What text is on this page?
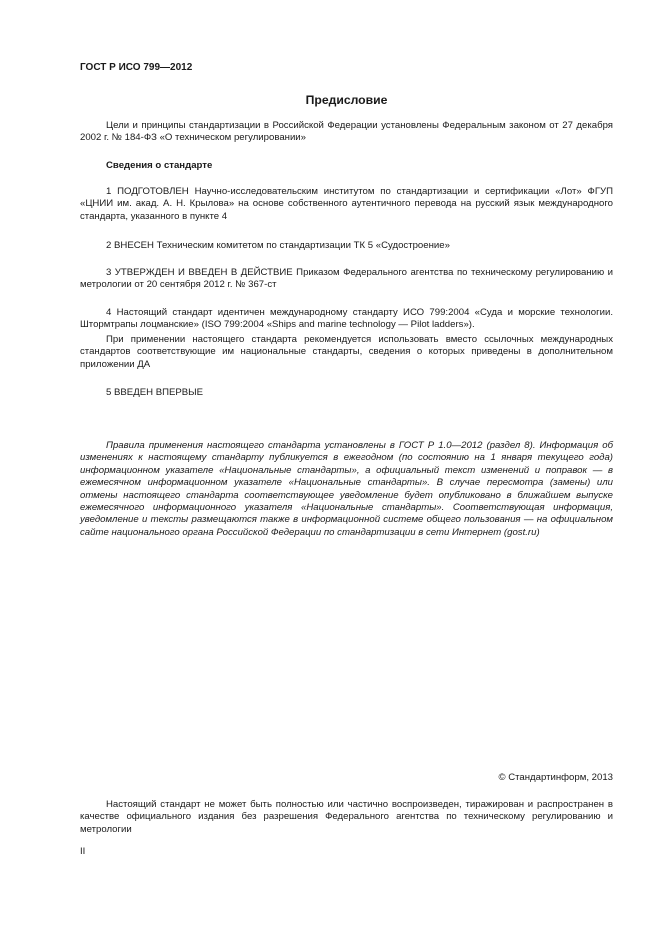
ГОСТ Р ИСО 799—2012

Предисловие

Цели и принципы стандартизации в Российской Федерации установлены Федеральным законом от 27 декабря 2002 г. № 184-ФЗ «О техническом регулировании»

Сведения о стандарте

1 ПОДГОТОВЛЕН Научно-исследовательским институтом по стандартизации и сертификации «Лот» ФГУП «ЦНИИ им. акад. А. Н. Крылова» на основе собственного аутентичного перевода на русский язык международного стандарта, указанного в пункте 4

2 ВНЕСЕН Техническим комитетом по стандартизации ТК 5 «Судостроение»

3 УТВЕРЖДЕН И ВВЕДЕН В ДЕЙСТВИЕ Приказом Федерального агентства по техническому регулированию и метрологии от 20 сентября 2012 г. № 367-ст

4 Настоящий стандарт идентичен международному стандарту ИСО 799:2004 «Суда и морские технологии. Штормтрапы лоцманские» (ISO 799:2004 «Ships and marine technology — Pilot ladders»).

При применении настоящего стандарта рекомендуется использовать вместо ссылочных международных стандартов соответствующие им национальные стандарты, сведения о которых приведены в дополнительном приложении ДА

5 ВВЕДЕН ВПЕРВЫЕ

Правила применения настоящего стандарта установлены в ГОСТ Р 1.0—2012 (раздел 8). Информация об изменениях к настоящему стандарту публикуется в ежегодном (по состоянию на 1 января текущего года) информационном указателе «Национальные стандарты», а официальный текст изменений и поправок — в ежемесячном информационном указателе «Национальные стандарты». В случае пересмотра (замены) или отмены настоящего стандарта соответствующее уведомление будет опубликовано в ближайшем выпуске ежемесячного информационного указателя «Национальные стандарты». Соответствующая информация, уведомление и тексты размещаются также в информационной системе общего пользования — на официальном сайте национального органа Российской Федерации по стандартизации в сети Интернет (gost.ru)

© Стандартинформ, 2013

Настоящий стандарт не может быть полностью или частично воспроизведен, тиражирован и распространен в качестве официального издания без разрешения Федерального агентства по техническому регулированию и метрологии

II
